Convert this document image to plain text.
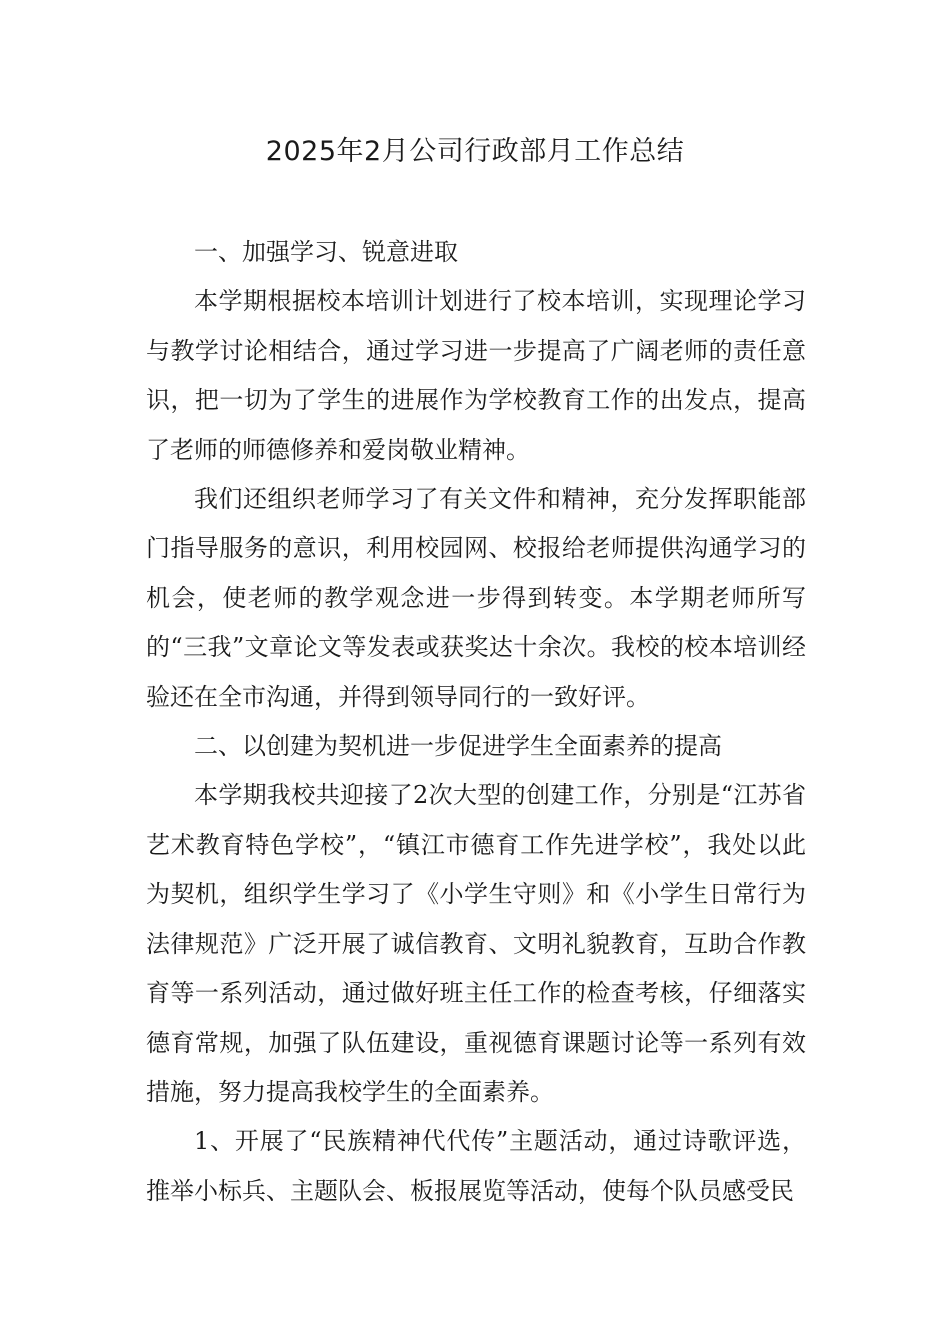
2025年2月公司行政部月工作总结

一、加强学习、锐意进取

本学期根据校本培训计划进行了校本培训，实现理论学习与教学讨论相结合，通过学习进一步提高了广阔老师的责任意识，把一切为了学生的进展作为学校教育工作的出发点，提高了老师的师德修养和爱岗敬业精神。

我们还组织老师学习了有关文件和精神，充分发挥职能部门指导服务的意识，利用校园网、校报给老师提供沟通学习的机会，使老师的教学观念进一步得到转变。本学期老师所写的“三我”文章论文等发表或获奖达十余次。我校的校本培训经验还在全市沟通，并得到领导同行的一致好评。

二、以创建为契机进一步促进学生全面素养的提高

本学期我校共迎接了2次大型的创建工作，分别是“江苏省艺术教育特色学校”，“镇江市德育工作先进学校”，我处以此为契机，组织学生学习了《小学生守则》和《小学生日常行为法律规范》广泛开展了诚信教育、文明礼貌教育，互助合作教育等一系列活动，通过做好班主任工作的检查考核，仔细落实德育常规，加强了队伍建设，重视德育课题讨论等一系列有效措施，努力提高我校学生的全面素养。

1、开展了“民族精神代代传”主题活动，通过诗歌评选，推举小标兵、主题队会、板报展览等活动，使每个队员感受民
